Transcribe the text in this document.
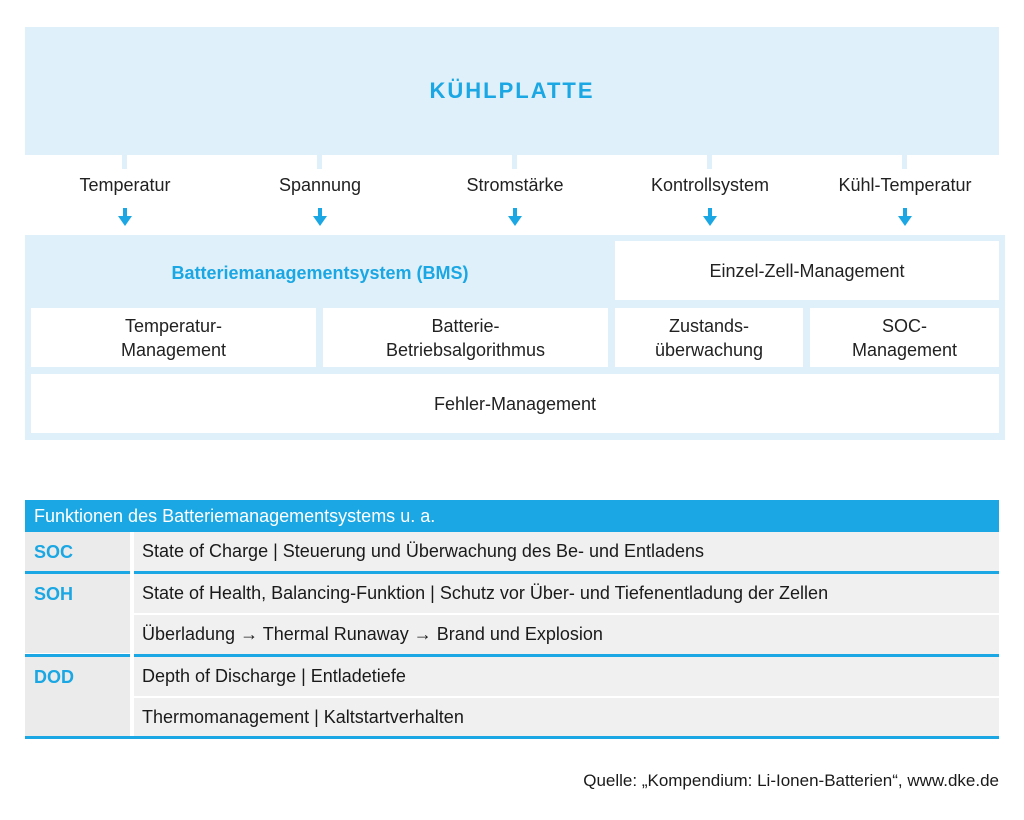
KÜHLPLATTE
Temperatur	Spannung	Stromstärke	Kontrollsystem	Kühl-Temperatur
Batteriemanagementsystem (BMS)	Einzel-Zell-Management
Temperatur-
Management
Batterie-
Betriebsalgorithmus
Zustands-
überwachung
SOC-
Management
Fehler-Management
Funktionen des Batteriemanagementsystems u. a.
SOC	State of Charge | Steuerung und Überwachung des Be- und Entladens
SOH	State of Health, Balancing-Funktion | Schutz vor Über- und Tiefenentladung der Zellen
Überladung → Thermal Runaway → Brand und Explosion
DOD	Depth of Discharge | Entladetiefe
Thermomanagement | Kaltstartverhalten
Quelle: „Kompendium: Li-Ionen-Batterien“, www.dke.de
